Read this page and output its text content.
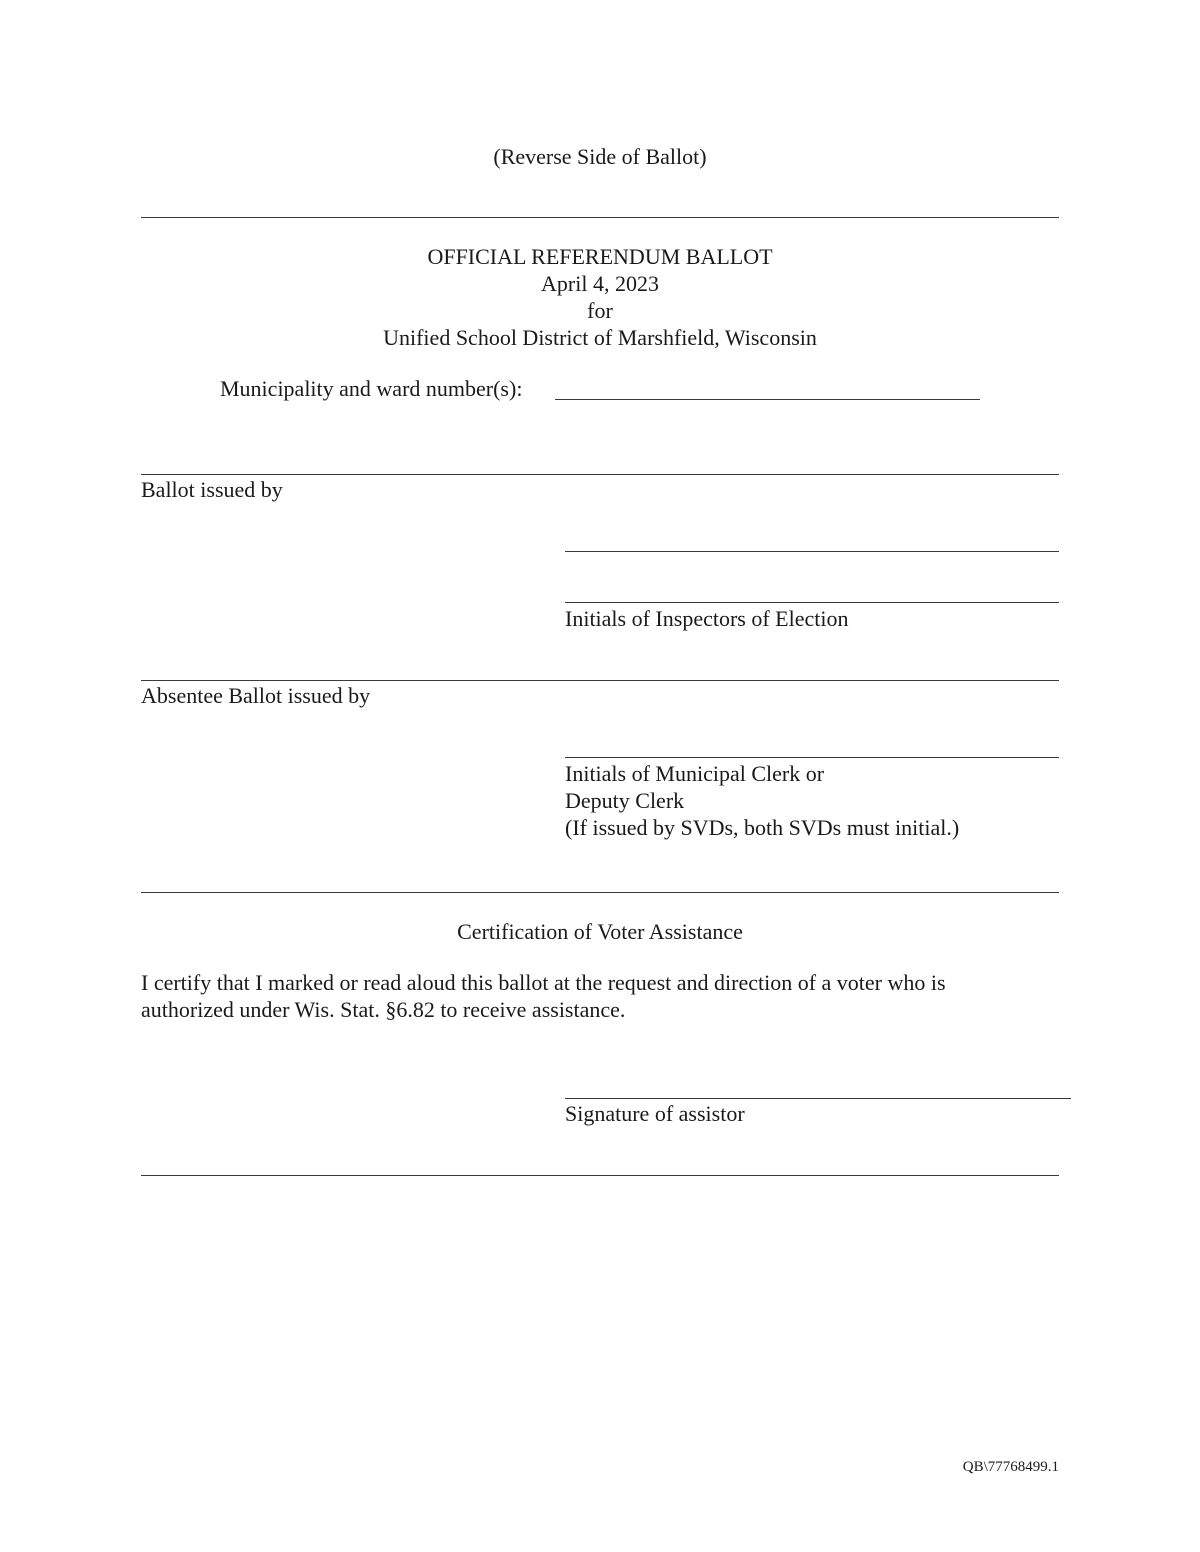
(Reverse Side of Ballot)
OFFICIAL REFERENDUM BALLOT
April 4, 2023
for
Unified School District of Marshfield, Wisconsin
Municipality and ward number(s):
Ballot issued by
Initials of Inspectors of Election
Absentee Ballot issued by
Initials of Municipal Clerk or
Deputy Clerk
(If issued by SVDs, both SVDs must initial.)
Certification of Voter Assistance
I certify that I marked or read aloud this ballot at the request and direction of a voter who is
authorized under Wis. Stat. §6.82 to receive assistance.
Signature of assistor
QB\77768499.1
